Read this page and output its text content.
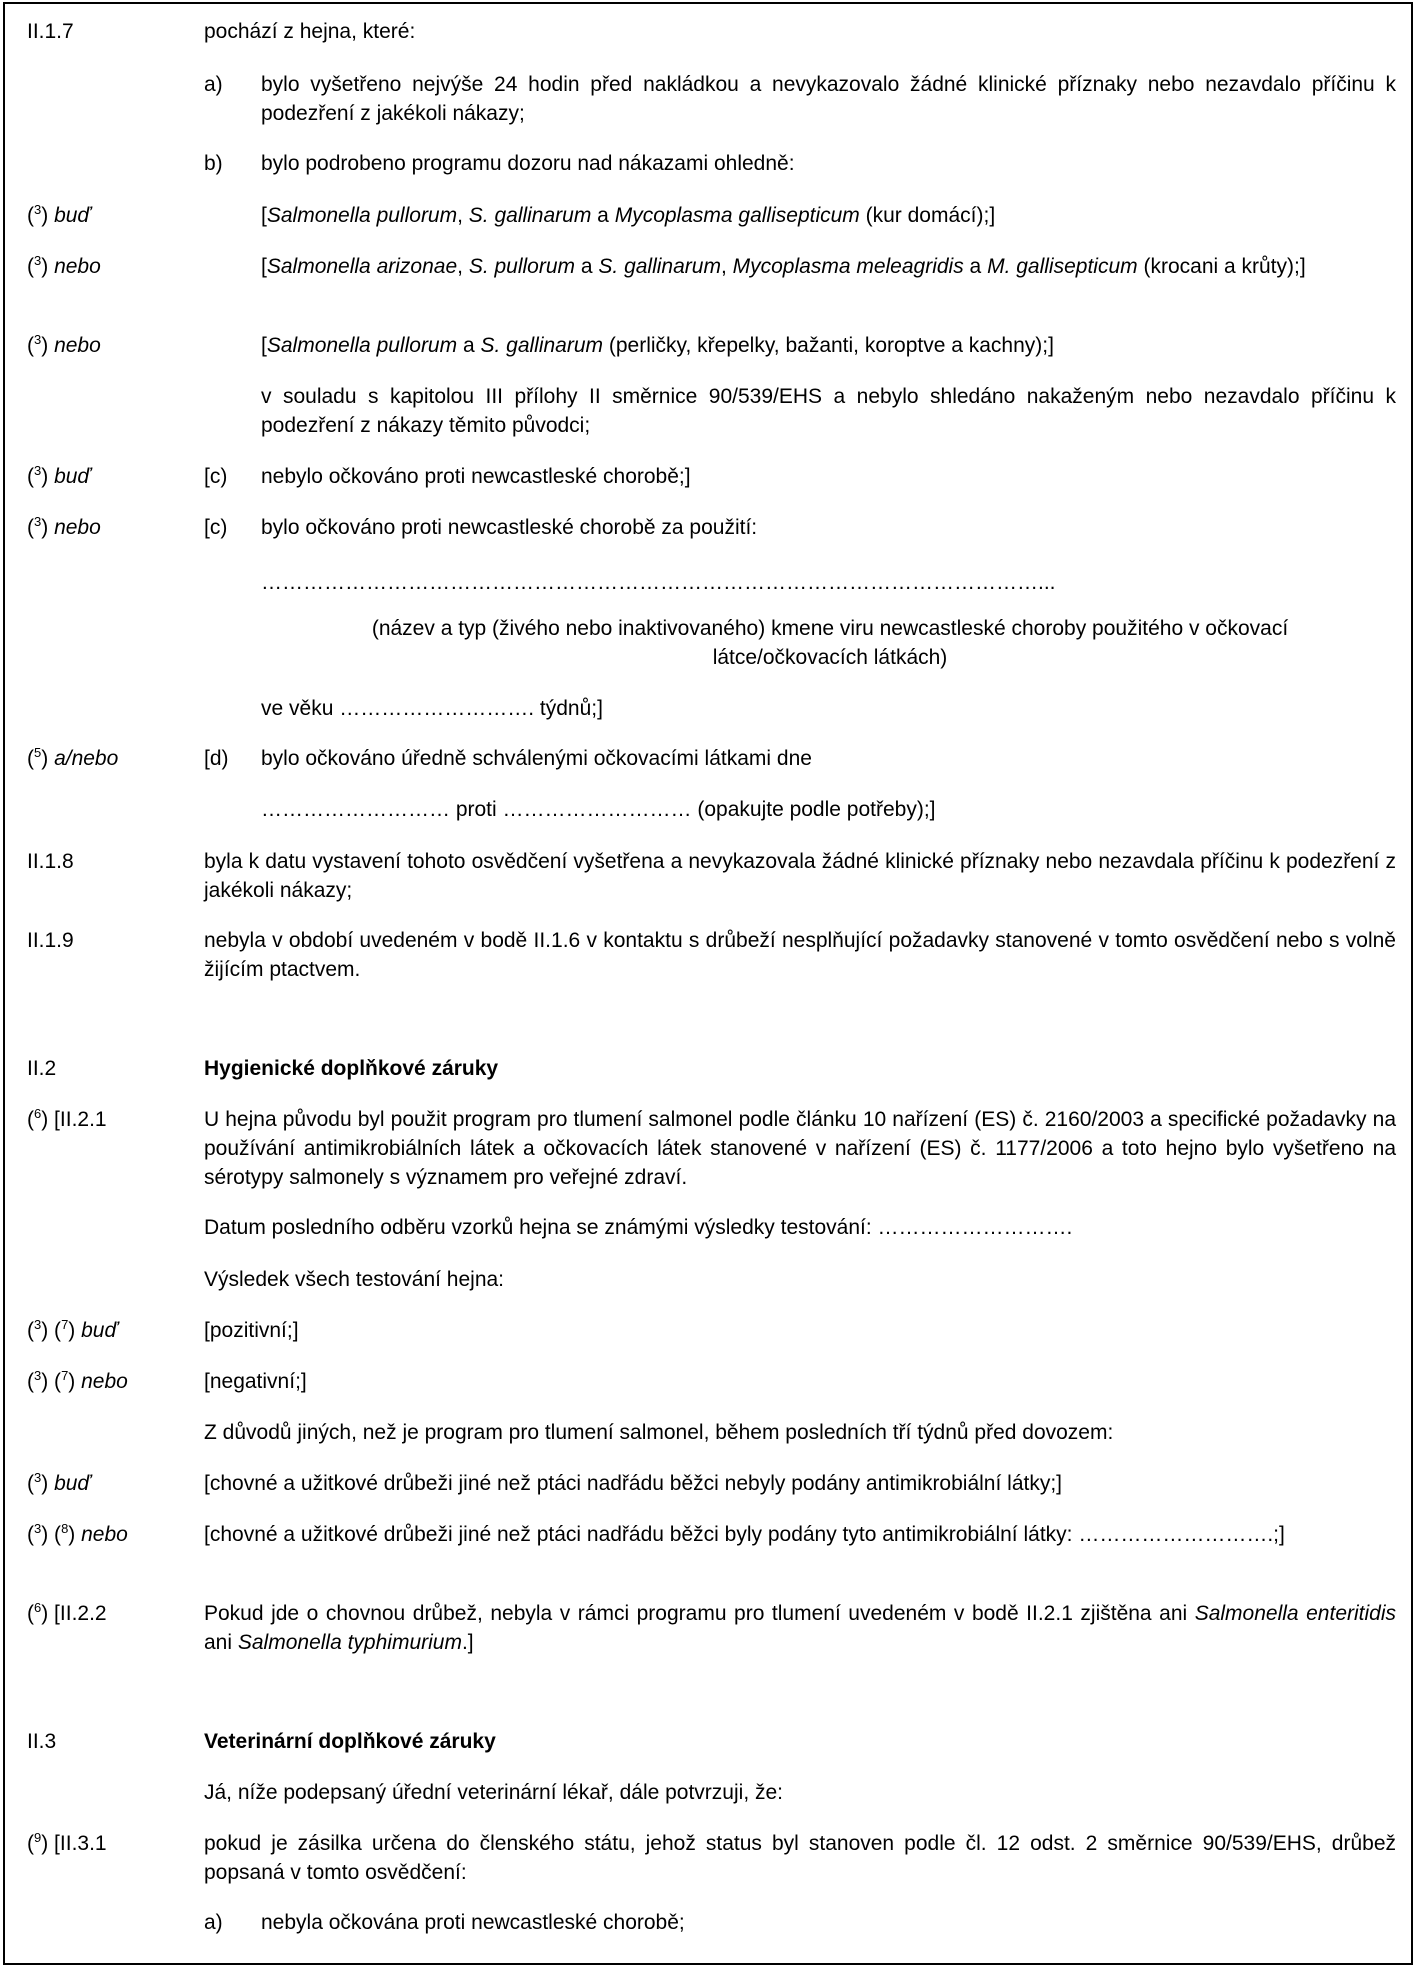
II.1.7	pochází z hejna, které:
a) bylo vyšetřeno nejvýše 24 hodin před nakládkou a nevykazovalo žádné klinické příznaky nebo nezavdalo příčinu k podezření z jakékoli nákazy;
b) bylo podrobeno programu dozoru nad nákazami ohledně:
($^3$) buď	[Salmonella pullorum, S. gallinarum a Mycoplasma gallisepticum (kur domácí);]
($^3$) nebo	[Salmonella arizonae, S. pullorum a S. gallinarum, Mycoplasma meleagridis a M. gallisepticum (krocani a krůty);]
($^3$) nebo	[Salmonella pullorum a S. gallinarum (perličky, křepelky, bažanti, koroptve a kachny);]
v souladu s kapitolou III přílohy II směrnice 90/539/EHS a nebylo shledáno nakaženým nebo nezavdalo příčinu k podezření z nákazy těmito původci;
($^3$) buď	[c) nebylo očkováno proti newcastleské chorobě;]
($^3$) nebo	[c) bylo očkováno proti newcastleské chorobě za použití:
…………………………………………………………………………………………………...
(název a typ (živého nebo inaktivovaného) kmene viru newcastleské choroby použitého v očkovací látce/očkovacích látkách)
ve věku ………………………. týdnů;]
($^5$) a/nebo	[d) bylo očkováno úředně schválenými očkovacími látkami dne
……………………… proti ……………………… (opakujte podle potřeby);]
II.1.8	byla k datu vystavení tohoto osvědčení vyšetřena a nevykazovala žádné klinické příznaky nebo nezavdala příčinu k podezření z jakékoli nákazy;
II.1.9	nebyla v období uvedeném v bodě II.1.6 v kontaktu s drůbeží nesplňující požadavky stanovené v tomto osvědčení nebo s volně žijícím ptactvem.
II.2	Hygienické doplňkové záruky
($^6$) [II.2.1	U hejna původu byl použit program pro tlumení salmonel podle článku 10 nařízení (ES) č. 2160/2003 a specifické požadavky na používání antimikrobiálních látek a očkovacích látek stanovené v nařízení (ES) č. 1177/2006 a toto hejno bylo vyšetřeno na sérotypy salmonely s významem pro veřejné zdraví.
Datum posledního odběru vzorků hejna se známými výsledky testování: ……………………….
Výsledek všech testování hejna:
($^3$) ($^7$) buď	[pozitivní;]
($^3$) ($^7$) nebo	[negativní;]
Z důvodů jiných, než je program pro tlumení salmonel, během posledních tří týdnů před dovozem:
($^3$) buď	[chovné a užitkové drůbeži jiné než ptáci nadřádu běžci nebyly podány antimikrobiální látky;]
($^3$) ($^8$) nebo	[chovné a užitkové drůbeži jiné než ptáci nadřádu běžci byly podány tyto antimikrobiální látky: ……………………….;]
($^6$) [II.2.2	Pokud jde o chovnou drůbež, nebyla v rámci programu pro tlumení uvedeném v bodě II.2.1 zjištěna ani Salmonella enteritidis ani Salmonella typhimurium.]
II.3	Veterinární doplňkové záruky
Já, níže podepsaný úřední veterinární lékař, dále potvrzuji, že:
($^9$) [II.3.1	pokud je zásilka určena do členského státu, jehož status byl stanoven podle čl. 12 odst. 2 směrnice 90/539/EHS, drůbež popsaná v tomto osvědčení:
a) nebyla očkována proti newcastleské chorobě;
